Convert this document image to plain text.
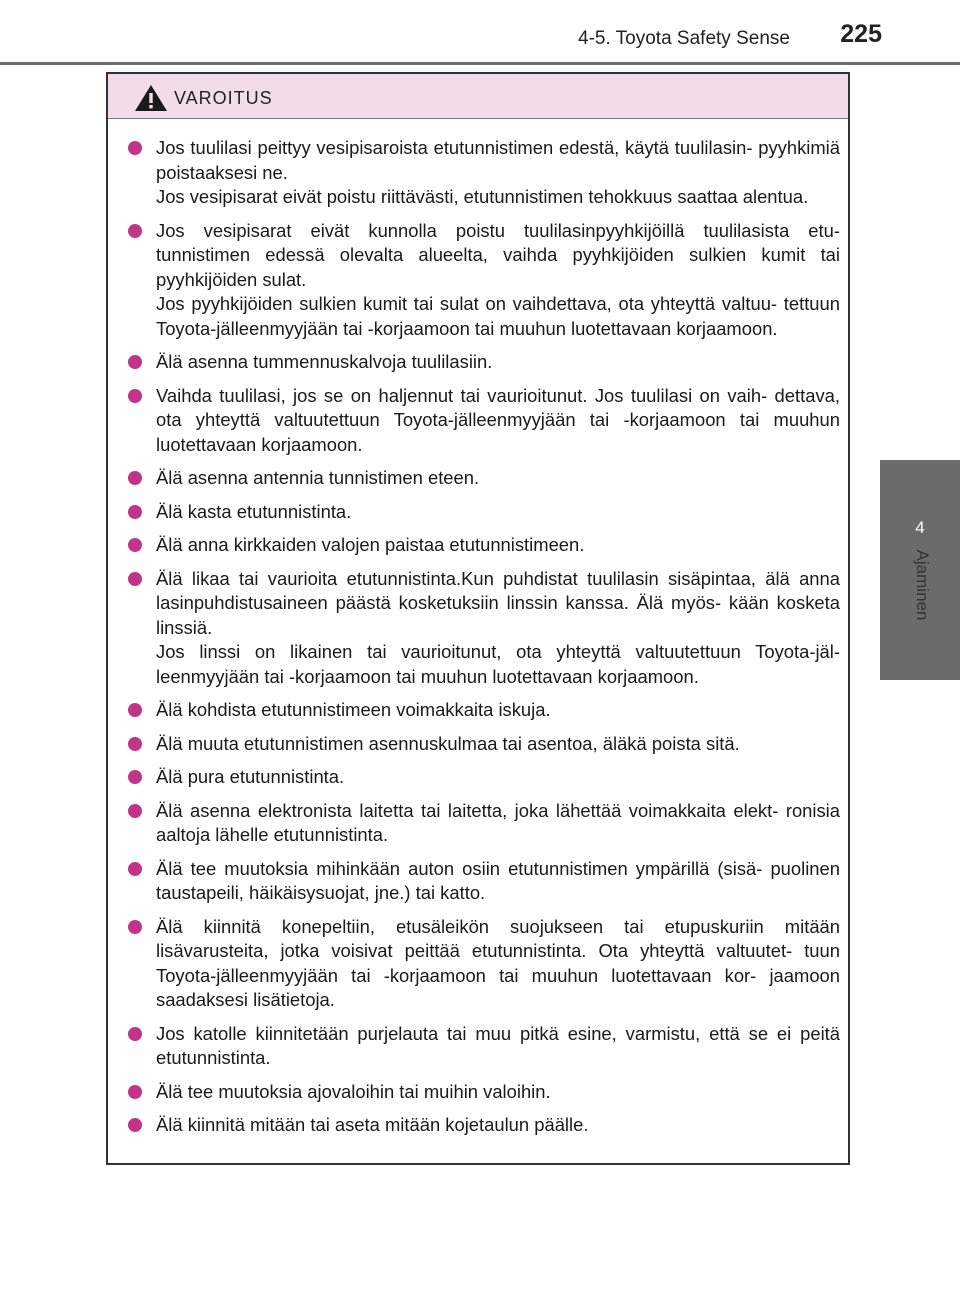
4-5. Toyota Safety Sense 225
4
Ajaminen
VAROITUS
Jos tuulilasi peittyy vesipisaroista etutunnistimen edestä, käytä tuulilasin- pyyhkimiä poistaaksesi ne.
Jos vesipisarat eivät poistu riittävästi, etutunnistimen tehokkuus saattaa alentua.
Jos vesipisarat eivät kunnolla poistu tuulilasinpyyhkijöillä tuulilasista etu- tunnistimen edessä olevalta alueelta, vaihda pyyhkijöiden sulkien kumit tai pyyhkijöiden sulat.
Jos pyyhkijöiden sulkien kumit tai sulat on vaihdettava, ota yhteyttä valtuu- tettuun Toyota-jälleenmyyjään tai -korjaamoon tai muuhun luotettavaan korjaamoon.
Älä asenna tummennuskalvoja tuulilasiin.
Vaihda tuulilasi, jos se on haljennut tai vaurioitunut. Jos tuulilasi on vaih- dettava, ota yhteyttä valtuutettuun Toyota-jälleenmyyjään tai -korjaamoon tai muuhun luotettavaan korjaamoon.
Älä asenna antennia tunnistimen eteen.
Älä kasta etutunnistinta.
Älä anna kirkkaiden valojen paistaa etutunnistimeen.
Älä likaa tai vaurioita etutunnistinta.Kun puhdistat tuulilasin sisäpintaa, älä anna lasinpuhdistusaineen päästä kosketuksiin linssin kanssa. Älä myös- kään kosketa linssiä.
Jos linssi on likainen tai vaurioitunut, ota yhteyttä valtuutettuun Toyota-jäl- leenmyyjään tai -korjaamoon tai muuhun luotettavaan korjaamoon.
Älä kohdista etutunnistimeen voimakkaita iskuja.
Älä muuta etutunnistimen asennuskulmaa tai asentoa, äläkä poista sitä.
Älä pura etutunnistinta.
Älä asenna elektronista laitetta tai laitetta, joka lähettää voimakkaita elekt- ronisia aaltoja lähelle etutunnistinta.
Älä tee muutoksia mihinkään auton osiin etutunnistimen ympärillä (sisä- puolinen taustapeili, häikäisysuojat, jne.) tai katto.
Älä kiinnitä konepeltiin, etusäleikön suojukseen tai etupuskuriin mitään lisävarusteita, jotka voisivat peittää etutunnistinta. Ota yhteyttä valtuutet- tuun Toyota-jälleenmyyjään tai -korjaamoon tai muuhun luotettavaan kor- jaamoon saadaksesi lisätietoja.
Jos katolle kiinnitetään purjelauta tai muu pitkä esine, varmistu, että se ei peitä etutunnistinta.
Älä tee muutoksia ajovaloihin tai muihin valoihin.
Älä kiinnitä mitään tai aseta mitään kojetaulun päälle.
